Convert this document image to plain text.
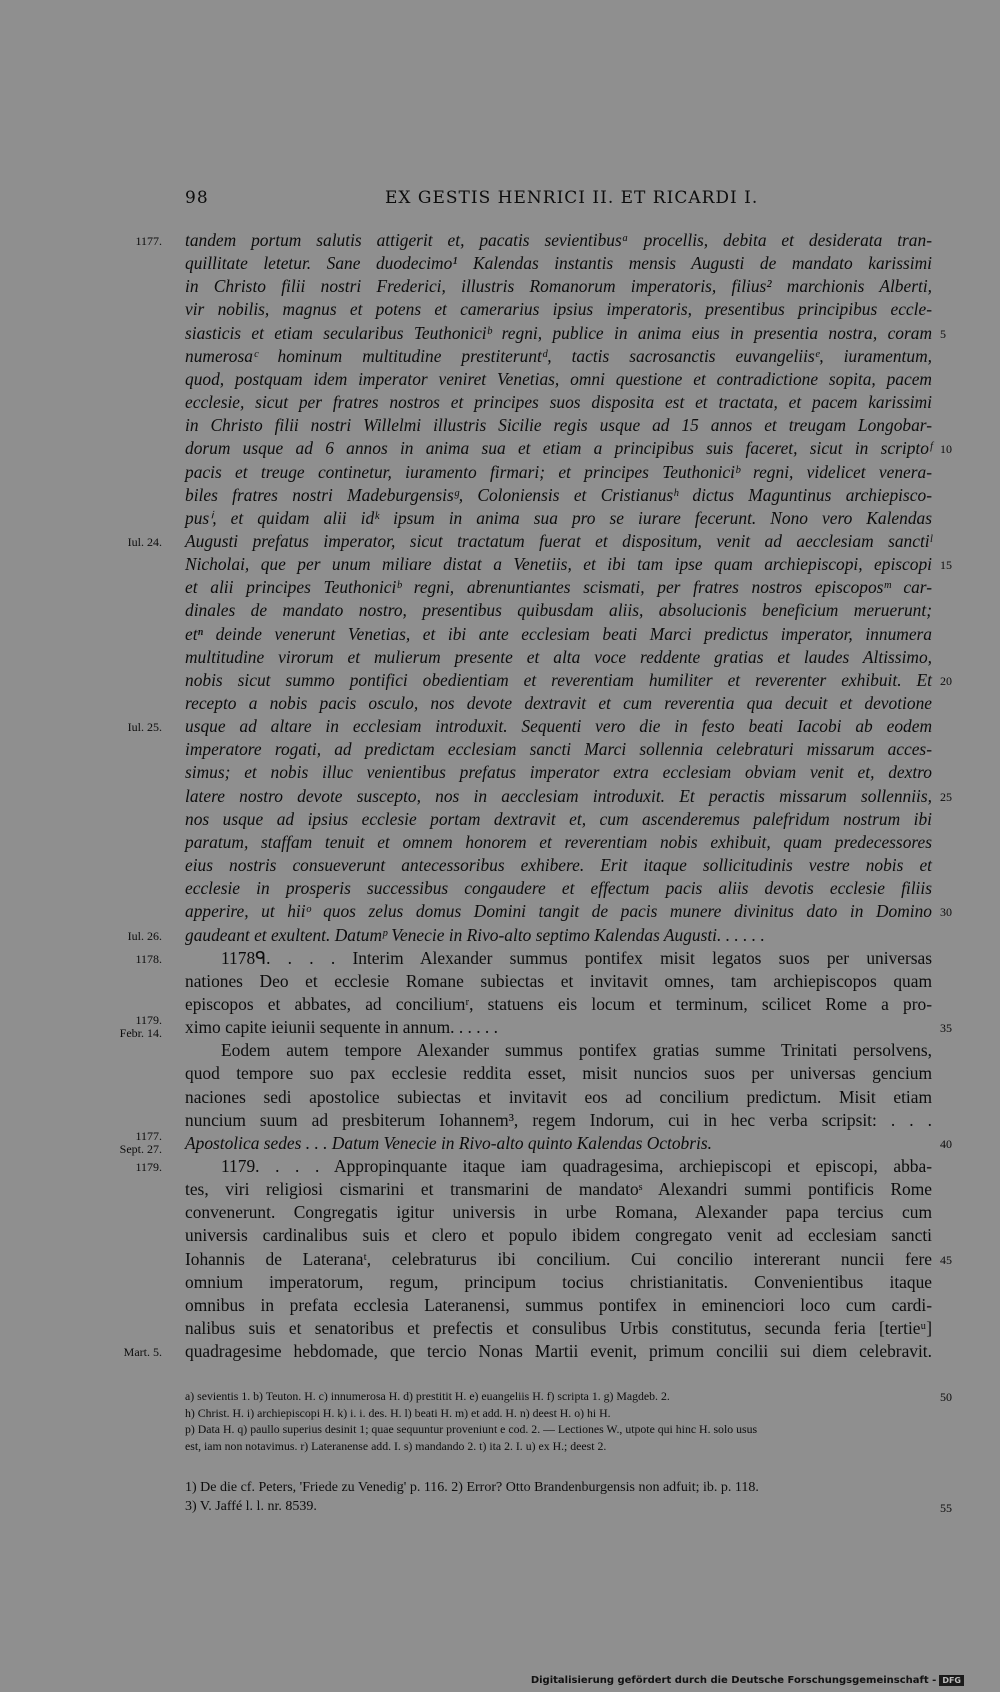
98	EX GESTIS HENRICI II. ET RICARDI I.
tandem portum salutis attigerit et, pacatis sevientibusᵃ procellis, debita et desiderata tran-
quillitate letetur. Sane duodecimo¹ Kalendas instantis mensis Augusti de mandato karissimi
in Christo filii nostri Frederici, illustris Romanorum imperatoris, filius² marchionis Alberti,
vir nobilis, magnus et potens et camerarius ipsius imperatoris, presentibus principibus eccle-
siasticis et etiam secularibus Teuthoniciᵇ regni, publice in anima eius in presentia nostra, coram
numerosaᶜ hominum multitudine prestiteruntᵈ, tactis sacrosanctis euvangeliisᵉ, iuramentum,
quod, postquam idem imperator veniret Venetias, omni questione et contradictione sopita, pacem
ecclesie, sicut per fratres nostros et principes suos disposita est et tractata, et pacem karissimi
in Christo filii nostri Willelmi illustris Sicilie regis usque ad 15 annos et treugam Longobar-
dorum usque ad 6 annos in anima sua et etiam a principibus suis faceret, sicut in scriptoᶠ
pacis et treuge continetur, iuramento firmari; et principes Teuthoniciᵇ regni, videlicet venera-
biles fratres nostri Madeburgensisᵍ, Coloniensis et Cristianusʰ dictus Maguntinus archiepisco-
pusⁱ, et quidam alii idᵏ ipsum in anima sua pro se iurare fecerunt. Nono vero Kalendas
Augusti prefatus imperator, sicut tractatum fuerat et dispositum, venit ad aecclesiam sanctiˡ
Nicholai, que per unum miliare distat a Venetiis, et ibi tam ipse quam archiepiscopi, episcopi
et alii principes Teuthoniciᵇ regni, abrenuntiantes scismati, per fratres nostros episcoposᵐ car-
dinales de mandato nostro, presentibus quibusdam aliis, absolucionis beneficium meruerunt;
etⁿ deinde venerunt Venetias, et ibi ante ecclesiam beati Marci predictus imperator, innumera
multitudine virorum et mulierum presente et alta voce reddente gratias et laudes Altissimo,
nobis sicut summo pontifici obedientiam et reverentiam humiliter et reverenter exhibuit. Et
recepto a nobis pacis osculo, nos devote dextravit et cum reverentia qua decuit et devotione
usque ad altare in ecclesiam introduxit. Sequenti vero die in festo beati Iacobi ab eodem
imperatore rogati, ad predictam ecclesiam sancti Marci sollennia celebraturi missarum acces-
simus; et nobis illuc venientibus prefatus imperator extra ecclesiam obviam venit et, dextro
latere nostro devote suscepto, nos in aecclesiam introduxit. Et peractis missarum sollenniis,
nos usque ad ipsius ecclesie portam dextravit et, cum ascenderemus palefridum nostrum ibi
paratum, staffam tenuit et omnem honorem et reverentiam nobis exhibuit, quam predecessores
eius nostris consueverunt antecessoribus exhibere. Erit itaque sollicitudinis vestre nobis et
ecclesie in prosperis successibus congaudere et effectum pacis aliis devotis ecclesie filiis
apperire, ut hiiᵒ quos zelus domus Domini tangit de pacis munere divinitus dato in Domino
gaudeant et exultent. Datumᵖ Venecie in Rivo-alto septimo Kalendas Augusti. . . . . .
1178ᑫ. . . . Interim Alexander summus pontifex misit legatos suos per universas
nationes Deo et ecclesie Romane subiectas et invitavit omnes, tam archiepiscopos quam
episcopos et abbates, ad conciliumʳ, statuens eis locum et terminum, scilicet Rome a pro-
ximo capite ieiunii sequente in annum. . . . . .
Eodem autem tempore Alexander summus pontifex gratias summe Trinitati persolvens,
quod tempore suo pax ecclesie reddita esset, misit nuncios suos per universas gencium
naciones sedi apostolice subiectas et invitavit eos ad concilium predictum. Misit etiam
nuncium suum ad presbiterum Iohannem³, regem Indorum, cui in hec verba scripsit: . . .
Apostolica sedes . . . Datum Venecie in Rivo-alto quinto Kalendas Octobris.
1179. . . . Appropinquante itaque iam quadragesima, archiepiscopi et episcopi, abba-
tes, viri religiosi cismarini et transmarini de mandatoˢ Alexandri summi pontificis Rome
convenerunt. Congregatis igitur universis in urbe Romana, Alexander papa tercius cum
universis cardinalibus suis et clero et populo ibidem congregato venit ad ecclesiam sancti
Iohannis de Lateranaᵗ, celebraturus ibi concilium. Cui concilio intererant nuncii fere
omnium imperatorum, regum, principum tocius christianitatis. Convenientibus itaque
omnibus in prefata ecclesia Lateranensi, summus pontifex in eminenciori loco cum cardi-
nalibus suis et senatoribus et prefectis et consulibus Urbis constitutus, secunda feria [tertieᵘ]
quadragesime hebdomade, que tercio Nonas Martii evenit, primum concilii sui diem celebravit.
1177.
Iul. 24.
Iul. 25.
Iul. 26.
1178.
1179.
Febr. 14.
1177.
Sept. 27.
1179.
Mart. 5.
5
10
15
20
25
30
35
40
45
50
55
a) sevientis 1. b) Teuton. H. c) innumerosa H. d) prestitit H. e) euangeliis H. f) scripta 1. g) Magdeb. 2.
h) Christ. H. i) archiepiscopi H. k) i. i. des. H. l) beati H. m) et add. H. n) deest H. o) hi H.
p) Data H. q) paullo superius desinit 1; quae sequuntur proveniunt e cod. 2. — Lectiones W., utpote qui hinc H. solo usus
est, iam non notavimus. r) Lateranense add. I. s) mandando 2. t) ita 2. I. u) ex H.; deest 2.
1) De die cf. Peters, 'Friede zu Venedig' p. 116. 2) Error? Otto Brandenburgensis non adfuit; ib. p. 118.
3) V. Jaffé l. l. nr. 8539.
Digitalisierung gefördert durch die Deutsche Forschungsgemeinschaft - DFG
